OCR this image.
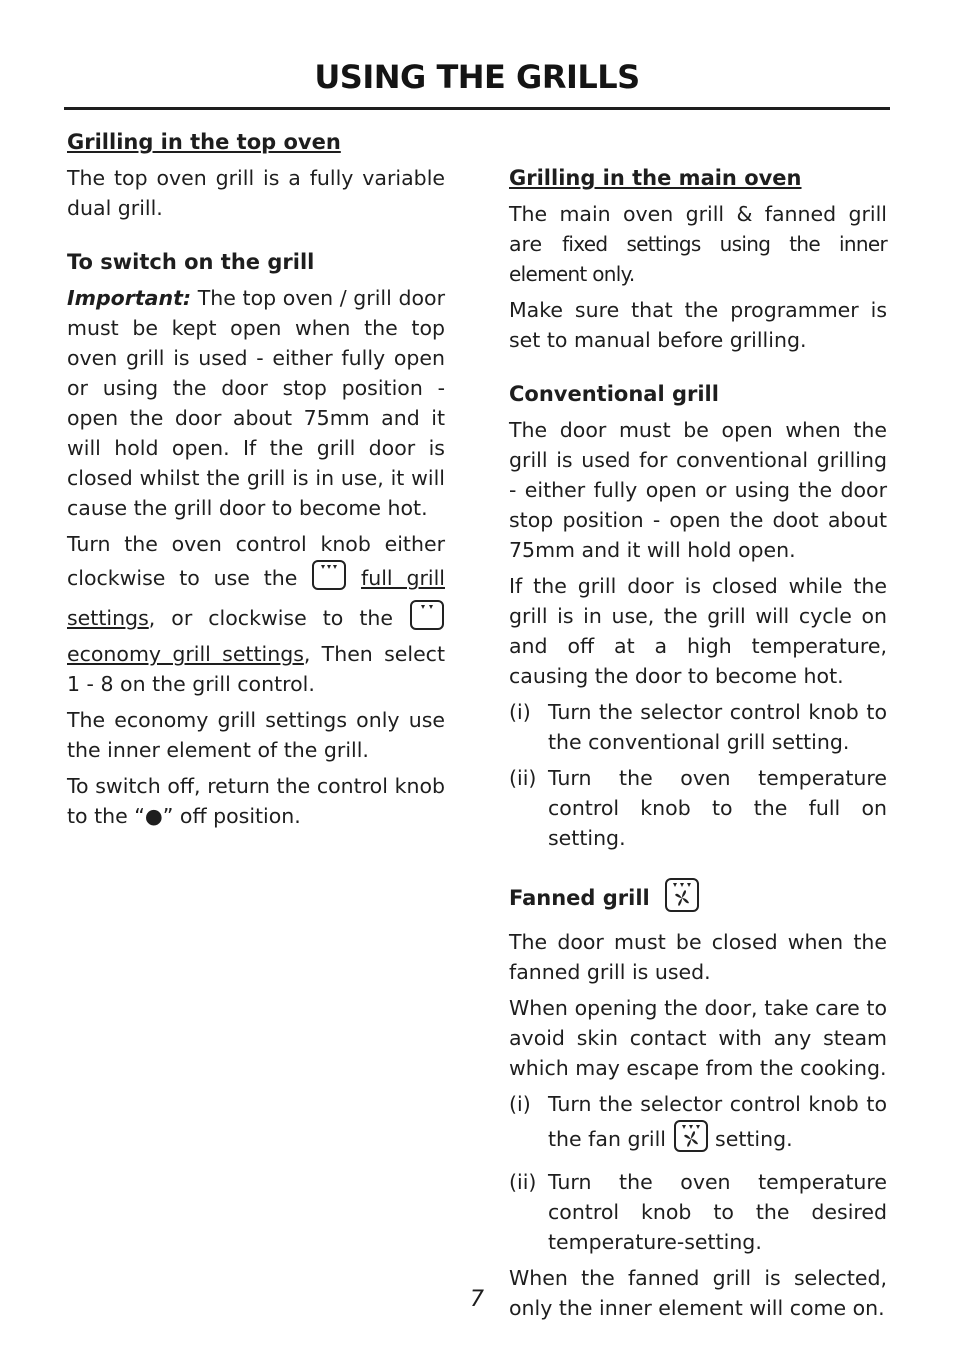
USING THE GRILLS
Grilling in the top oven

The top oven grill is a fully variable dual grill.

To switch on the grill

Important: The top oven / grill door must be kept open when the top oven grill is used - either fully open or using the door stop position - open the door about 75mm and it will hold open. If the grill door is closed whilst the grill is in use, it will cause the grill door to become hot.

Turn the oven control knob either clockwise to use the  full grill settings, or clockwise to the  economy grill settings, Then select 1 - 8 on the grill control.

The economy grill settings only use the inner element of the grill.

To switch off, return the control knob to the “●” off position.

Grilling in the main oven

The main oven grill & fanned grill are fixed settings using the inner element only.

Make sure that the programmer is set to manual before grilling.

Conventional grill

The door must be open when the grill is used for conventional grilling - either fully open or using the door stop position - open the doot about 75mm and it will hold open.

If the grill door is closed while the grill is in use, the grill will cycle on and off at a high temperature, causing the door to become hot.

(i) Turn the selector control knob to the conventional grill setting.
(ii) Turn the oven temperature control knob to the full on setting.
Fanned grill

The door must be closed when the fanned grill is used.

When opening the door, take care to avoid skin contact with any steam which may escape from the cooking.

(i) Turn the selector control knob to the fan grill  setting.
(ii) Turn the oven temperature control knob to the desired temperature-setting.

When the fanned grill is selected, only the inner element will come on.

7
